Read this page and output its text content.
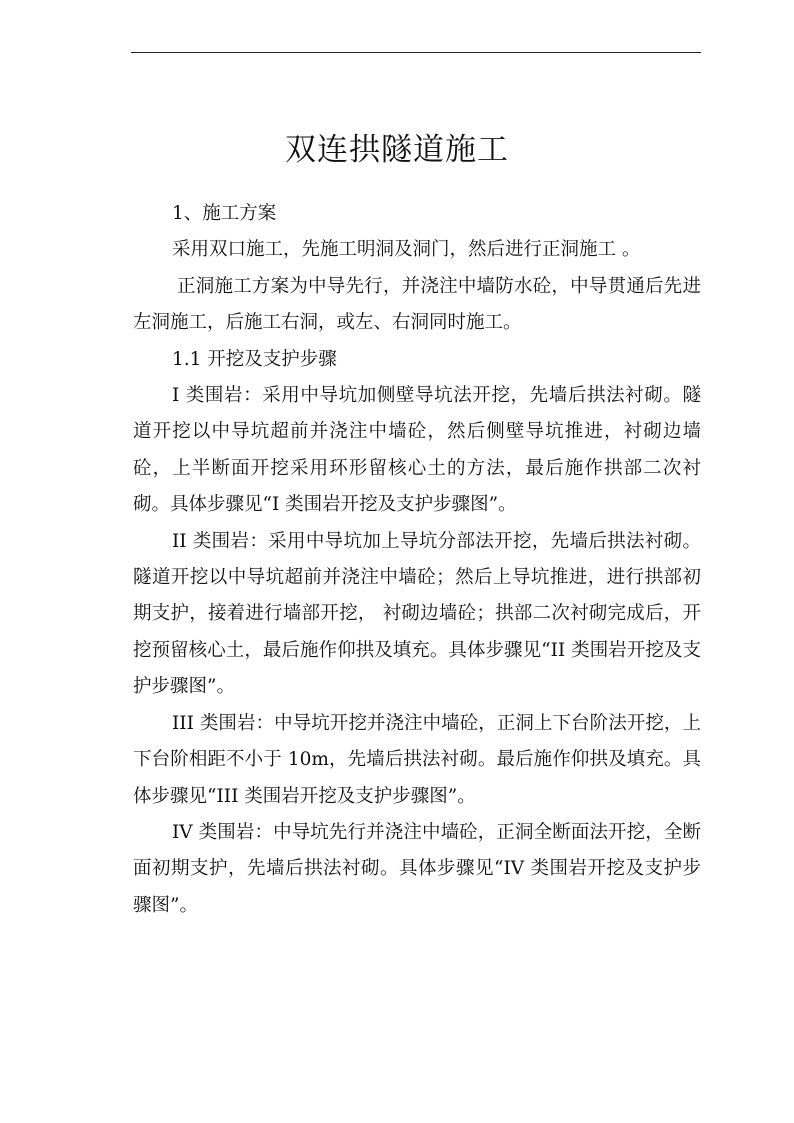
双连拱隧道施工

1、施工方案

采用双口施工，先施工明洞及洞门，然后进行正洞施工 。

正洞施工方案为中导先行，并浇注中墙防水砼，中导贯通后先进左洞施工，后施工右洞，或左、右洞同时施工。

1.1 开挖及支护步骤

I 类围岩：采用中导坑加侧壁导坑法开挖，先墙后拱法衬砌。隧道开挖以中导坑超前并浇注中墙砼，然后侧壁导坑推进，衬砌边墙砼，上半断面开挖采用环形留核心土的方法，最后施作拱部二次衬砌。具体步骤见“I 类围岩开挖及支护步骤图”。

II 类围岩：采用中导坑加上导坑分部法开挖，先墙后拱法衬砌。隧道开挖以中导坑超前并浇注中墙砼；然后上导坑推进，进行拱部初期支护，接着进行墙部开挖， 衬砌边墙砼；拱部二次衬砌完成后，开挖预留核心土，最后施作仰拱及填充。具体步骤见“II 类围岩开挖及支护步骤图”。

III 类围岩：中导坑开挖并浇注中墙砼，正洞上下台阶法开挖，上下台阶相距不小于 10m，先墙后拱法衬砌。最后施作仰拱及填充。具体步骤见“III 类围岩开挖及支护步骤图”。

IV 类围岩：中导坑先行并浇注中墙砼，正洞全断面法开挖，全断面初期支护，先墙后拱法衬砌。具体步骤见“IV 类围岩开挖及支护步骤图”。
